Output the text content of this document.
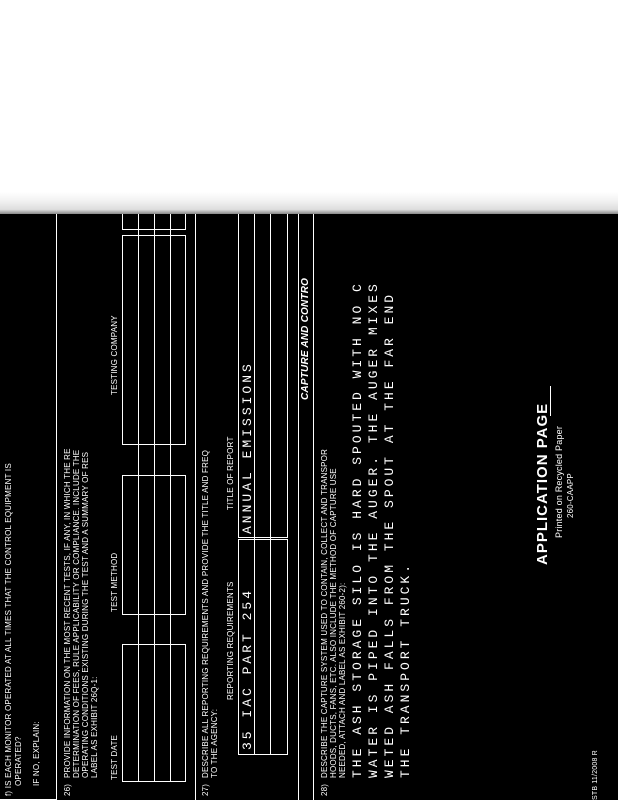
f) IS EACH MONITOR OPERATED AT ALL TIMES THAT THE CONTROL EQUIPMENT IS OPERATED? IF NO, EXPLAIN:
26)
PROVIDE INFORMATION ON THE MOST RECENT TESTS, IF ANY, IN WHICH THE RE DETERMINATION OF FEES, RULE APPLICABILITY OR COMPLIANCE. INCLUDE THE OPERATING CONDITIONS EXISTING DURING THE TEST AND A SUMMARY OF RES LABEL AS EXHIBIT 26Q-1: TEST DATE
TEST METHOD
TESTING COMPANY
27)
DESCRIBE ALL REPORTING REQUIREMENTS AND PROVIDE THE TITLE AND FREQ TO THE AGENCY:
REPORTING REQUIREMENTS
TITLE OF REPORT
35 IAC PART 254
ANNUAL EMISSIONS
CAPTURE AND CONTRO
28)
DESCRIBE THE CAPTURE SYSTEM USED TO CONTAIN, COLLECT AND TRANSPOR HOODS, DUCTS, FANS, ETC. ALSO INCLUDE THE METHOD OF CAPTURE USE NEEDED, ATTACH AND LABEL AS EXHIBIT 260-2): THE ASH STORAGE SILO IS HARD SPOUTED WITH NO C WATER IS PIPED INTO THE AUGER. THE AUGER MIXES WETED ASH FALLS FROM THE SPOUT AT THE FAR END THE TRANSPORT TRUCK.
APPLICATION PAGE Printed on Recycled Paper 260-CAAPP
STB 11/2008 R
